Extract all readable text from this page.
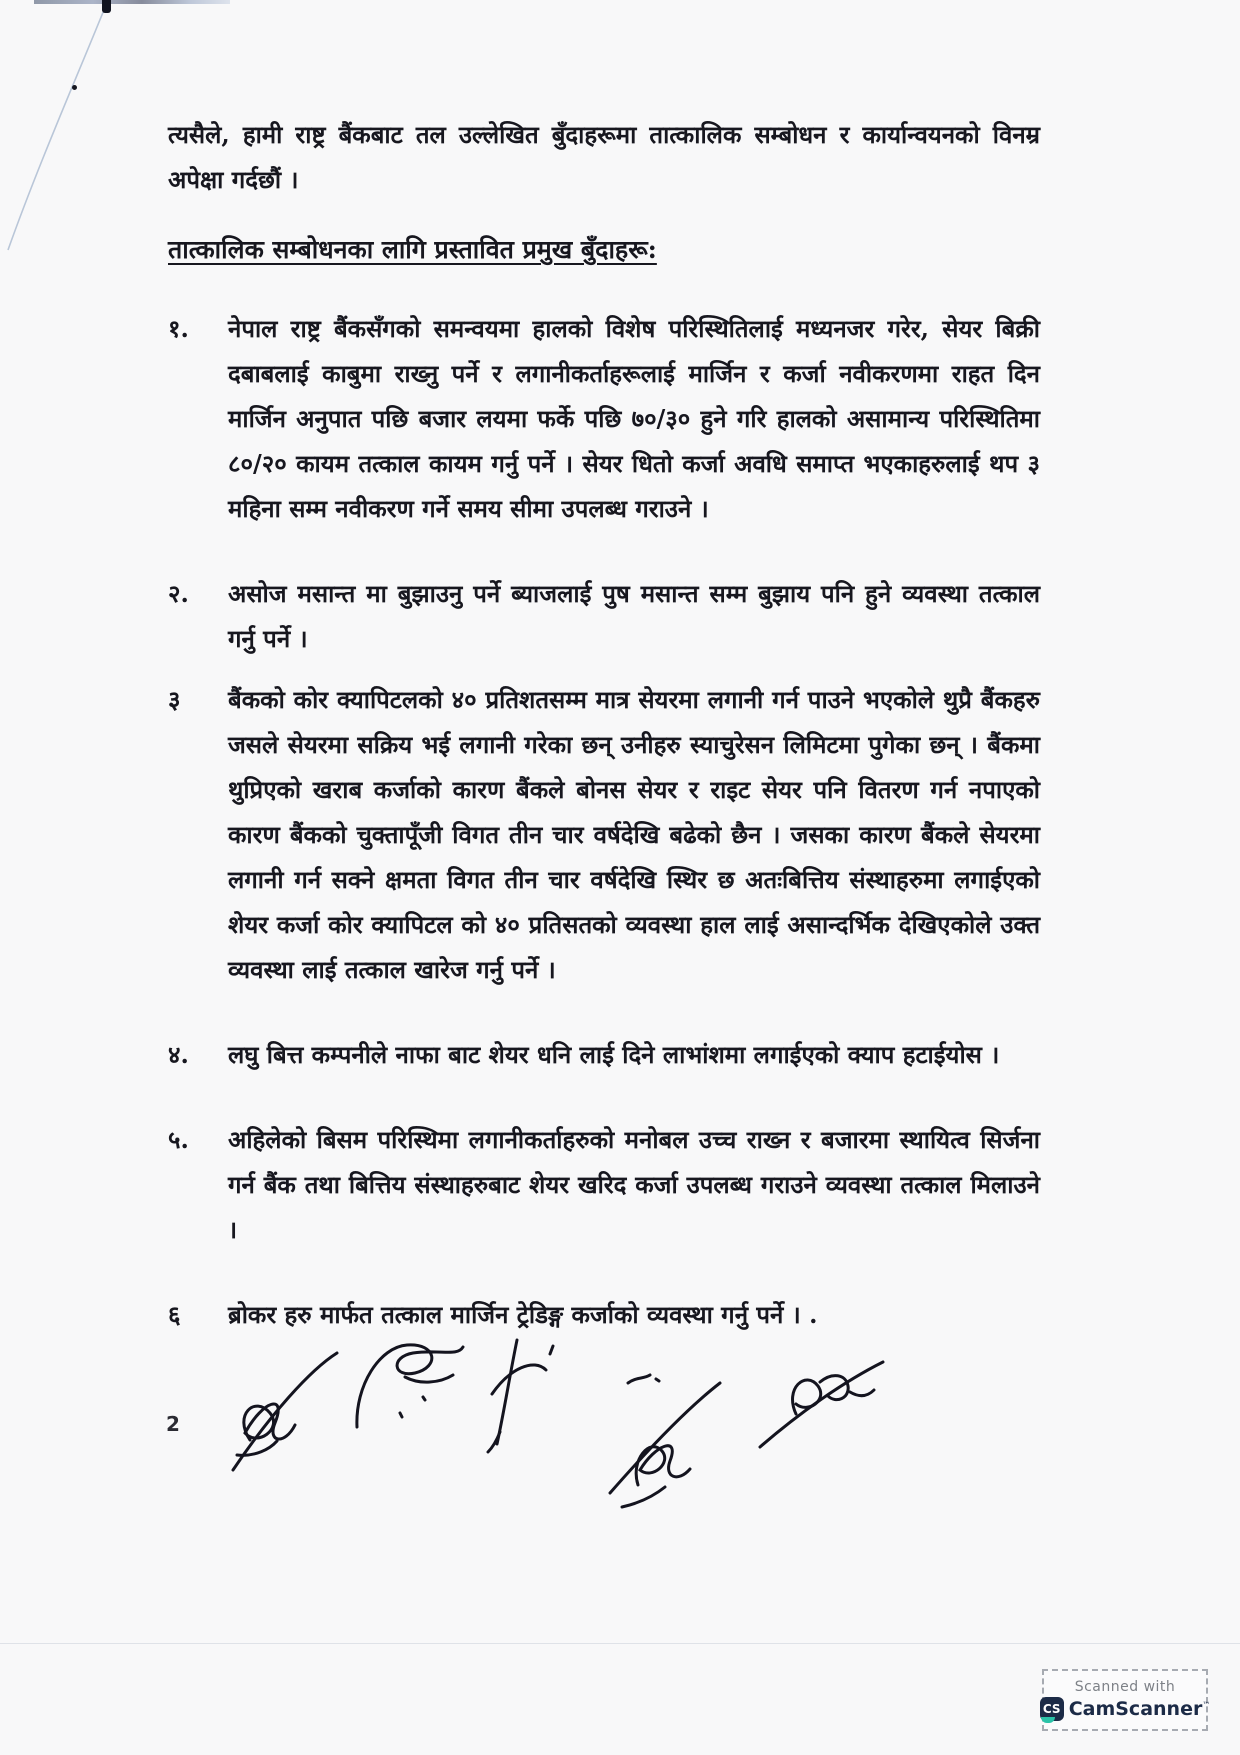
त्यसैले, हामी राष्ट्र बैंकबाट तल उल्लेखित बुँदाहरूमा तात्कालिक सम्बोधन र कार्यान्वयनको विनम्र अपेक्षा गर्दछौं ।

तात्कालिक सम्बोधनका लागि प्रस्तावित प्रमुख बुँदाहरू:
१.	नेपाल राष्ट्र बैंकसँगको समन्वयमा हालको विशेष परिस्थितिलाई मध्यनजर गरेर, सेयर बिक्री दबाबलाई काबुमा राख्नु पर्ने र लगानीकर्ताहरूलाई मार्जिन र कर्जा नवीकरणमा राहत दिन मार्जिन अनुपात पछि बजार लयमा फर्के पछि ७०/३० हुने गरि हालको असामान्य परिस्थितिमा ८०/२० कायम तत्काल कायम गर्नु पर्ने । सेयर धितो कर्जा अवधि समाप्त भएकाहरुलाई थप ३ महिना सम्म नवीकरण गर्ने समय सीमा उपलब्ध गराउने ।
२.	असोज मसान्त मा बुझाउनु पर्ने ब्याजलाई पुष मसान्त सम्म बुझाय पनि हुने व्यवस्था तत्काल गर्नु पर्ने ।
३	बैंकको कोर क्यापिटलको ४० प्रतिशतसम्म मात्र सेयरमा लगानी गर्न पाउने भएकोले थुप्रै बैंकहरु जसले सेयरमा सक्रिय भई लगानी गरेका छन् उनीहरु स्याचुरेसन लिमिटमा पुगेका छन् । बैंकमा थुप्रिएको खराब कर्जाको कारण बैंकले बोनस सेयर र राइट सेयर पनि वितरण गर्न नपाएको कारण बैंकको चुक्तापूँजी विगत तीन चार वर्षदेखि बढेको छैन । जसका कारण बैंकले सेयरमा लगानी गर्न सक्ने क्षमता विगत तीन चार वर्षदेखि स्थिर छ अतःबित्तिय संस्थाहरुमा लगाईएको शेयर कर्जा कोर क्यापिटल को ४० प्रतिसतको व्यवस्था हाल लाई असान्दर्भिक देखिएकोले उक्त व्यवस्था लाई तत्काल खारेज गर्नु पर्ने ।
४.	लघु बित्त कम्पनीले नाफा बाट शेयर धनि लाई दिने लाभांशमा लगाईएको क्याप हटाईयोस ।
५.	अहिलेको बिसम परिस्थिमा लगानीकर्ताहरुको मनोबल उच्च राख्न र बजारमा स्थायित्व सिर्जना गर्न बैंक तथा बित्तिय संस्थाहरुबाट शेयर खरिद कर्जा उपलब्ध गराउने व्यवस्था तत्काल मिलाउने ।
६	ब्रोकर हरु मार्फत तत्काल मार्जिन ट्रेडिङ्ग कर्जाको व्यवस्था गर्नु पर्ने । .
2
Scanned with
CS CamScanner™
